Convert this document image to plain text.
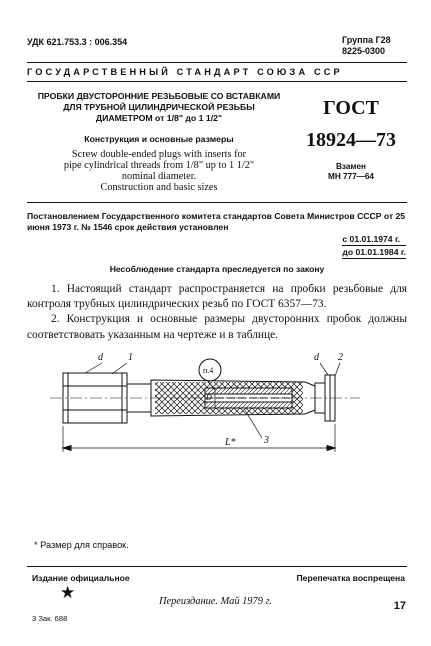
УДК 621.753.3 : 006.354	Группа Г28
8225-0300
ГОСУДАРСТВЕННЫЙ СТАНДАРТ СОЮЗА ССР
ПРОБКИ ДВУСТОРОННИЕ РЕЗЬБОВЫЕ СО ВСТАВКАМИ
ДЛЯ ТРУБНОЙ ЦИЛИНДРИЧЕСКОЙ РЕЗЬБЫ
ДИАМЕТРОМ от 1/8" до 1 1/2"
Конструкция и основные размеры
Screw double-ended plugs with inserts for
pipe cylindrical threads from 1/8" up to 1 1/2"
nominal diameter.
Construction and basic sizes
ГОСТ
18924—73
Взамен
МН 777—64
Постановлением Государственного комитета стандартов Совета Министров СССР от 25 июня 1973 г. № 1546 срок действия установлен
с 01.01.1974 г.
до 01.01.1984 г.
Несоблюдение стандарта преследуется по закону

1. Настоящий стандарт распространяется на пробки резьбовые для контроля трубных цилиндрических резьб по ГОСТ 6357—73.

2. Конструкция и основные размеры двусторонних пробок должны соответствовать указанным на чертеже и в таблице.

d	1
п.4
D
d 2
3
L*
* Размер для справок.
Издание официальное	Перепечатка воспрещена
★	Переиздание. Май 1979 г.	17
3 Зак. 688
